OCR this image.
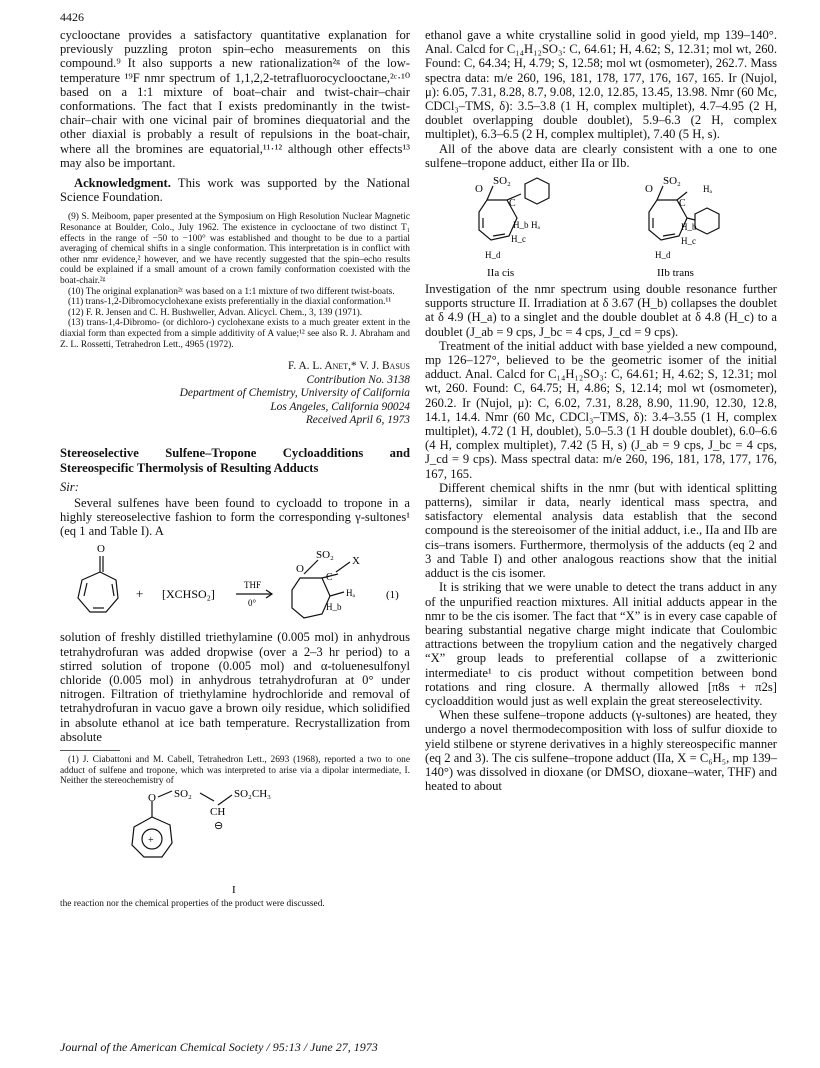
4426

cyclooctane provides a satisfactory quantitative explanation for previously puzzling proton spin–echo measurements on this compound.⁹ It also supports a new rationalization²ᵍ of the low-temperature ¹⁹F nmr spectrum of 1,1,2,2-tetrafluorocyclooctane,²ᶜ·¹⁰ based on a 1:1 mixture of boat–chair and twist-chair–chair conformations. The fact that I exists predominantly in the twist-chair–chair with one vicinal pair of bromines diequatorial and the other diaxial is probably a result of repulsions in the boat-chair, where all the bromines are equatorial,¹¹·¹² although other effects¹³ may also be important.

Acknowledgment. This work was supported by the National Science Foundation.

(9) S. Meiboom, paper presented at the Symposium on High Resolution Nuclear Magnetic Resonance at Boulder, Colo., July 1962. The existence in cyclooctane of two distinct T₁ effects in the range of −50 to −100° was established and thought to be due to a partial averaging of chemical shifts in a single conformation. This interpretation is in conflict with other nmr evidence,² however, and we have recently suggested that the spin–echo results could be explained if a small amount of a crown family conformation coexisted with the boat-chair.²ᵍ

(10) The original explanation²ᶜ was based on a 1:1 mixture of two different twist-boats.

(11) trans-1,2-Dibromocyclohexane exists preferentially in the diaxial conformation.¹¹

(12) F. R. Jensen and C. H. Bushweller, Advan. Alicycl. Chem., 3, 139 (1971).

(13) trans-1,4-Dibromo- (or dichloro-) cyclohexane exists to a much greater extent in the diaxial form than expected from a simple additivity of A value;¹² see also R. J. Abraham and Z. L. Rossetti, Tetrahedron Lett., 4965 (1972).

F. A. L. Anet,* V. J. Basus
Contribution No. 3138
Department of Chemistry, University of California
Los Angeles, California 90024
Received April 6, 1973

Stereoselective Sulfene–Tropone Cycloadditions and Stereospecific Thermolysis of Resulting Adducts

Sir:

Several sulfenes have been found to cycloadd to tropone in a highly stereoselective fashion to form the corresponding γ-sultones¹ (eq 1 and Table I). A

O
+ [XCHSO₂]
THF
0°
O
SO₂ X
C
Hₐ
H_b
(1)

solution of freshly distilled triethylamine (0.005 mol) in anhydrous tetrahydrofuran was added dropwise (over a 2–3 hr period) to a stirred solution of tropone (0.005 mol) and α-toluenesulfonyl chloride (0.005 mol) in anhydrous tetrahydrofuran at 0° under nitrogen. Filtration of triethylamine hydrochloride and removal of tetrahydrofuran in vacuo gave a brown oily residue, which solidified in absolute ethanol at ice bath temperature. Recrystallization from absolute

(1) J. Ciabattoni and M. Cabell, Tetrahedron Lett., 2693 (1968), reported a two to one adduct of sulfene and tropone, which was interpreted to arise via a dipolar intermediate, I. Neither the stereochemistry of

O SO₂
CH
SO₂CH₃
⊖
+
I

the reaction nor the chemical properties of the product were discussed.

ethanol gave a white crystalline solid in good yield, mp 139–140°. Anal. Calcd for C₁₄H₁₂SO₃: C, 64.61; H, 4.62; S, 12.31; mol wt, 260. Found: C, 64.34; H, 4.79; S, 12.58; mol wt (osmometer), 262.7. Mass spectra data: m/e 260, 196, 181, 178, 177, 176, 167, 165. Ir (Nujol, μ): 6.05, 7.31, 8.28, 8.7, 9.08, 12.0, 12.85, 13.45, 13.98. Nmr (60 Mc, CDCl₃–TMS, δ): 3.5–3.8 (1 H, complex multiplet), 4.7–4.95 (2 H, doublet overlapping double doublet), 5.9–6.3 (2 H, complex multiplet), 6.3–6.5 (2 H, complex multiplet), 7.40 (5 H, s).

All of the above data are clearly consistent with a one to one sulfene–tropone adduct, either IIa or IIb.

O
SO₂
C
H_b Hₐ
H_c
H_d
IIa cis
O
SO₂
Hₐ
C
H_b
H_c
H_d
IIb trans

Investigation of the nmr spectrum using double resonance further supports structure II. Irradiation at δ 3.67 (H_b) collapses the doublet at δ 4.9 (H_a) to a singlet and the double doublet at δ 4.8 (H_c) to a doublet (J_ab = 9 cps, J_bc = 4 cps, J_cd = 9 cps).

Treatment of the initial adduct with base yielded a new compound, mp 126–127°, believed to be the geometric isomer of the initial adduct. Anal. Calcd for C₁₄H₁₂SO₃: C, 64.61; H, 4.62; S, 12.31; mol wt, 260. Found: C, 64.75; H, 4.86; S, 12.14; mol wt (osmometer), 260.2. Ir (Nujol, μ): C, 6.02, 7.31, 8.28, 8.90, 11.90, 12.30, 12.8, 14.1, 14.4. Nmr (60 Mc, CDCl₃–TMS, δ): 3.4–3.55 (1 H, complex multiplet), 4.72 (1 H, doublet), 5.0–5.3 (1 H double doublet), 6.0–6.6 (4 H, complex multiplet), 7.42 (5 H, s) (J_ab = 9 cps, J_bc = 4 cps, J_cd = 9 cps). Mass spectral data: m/e 260, 196, 181, 178, 177, 176, 167, 165.

Different chemical shifts in the nmr (but with identical splitting patterns), similar ir data, nearly identical mass spectra, and satisfactory elemental analysis data establish that the second compound is the stereoisomer of the initial adduct, i.e., IIa and IIb are cis–trans isomers. Furthermore, thermolysis of the adducts (eq 2 and 3 and Table I) and other analogous reactions show that the initial adduct is the cis isomer.

It is striking that we were unable to detect the trans adduct in any of the unpurified reaction mixtures. All initial adducts appear in the nmr to be the cis isomer. The fact that “X” is in every case capable of bearing substantial negative charge might indicate that Coulombic attractions between the tropylium cation and the negatively charged “X” group leads to preferential collapse of a zwitterionic intermediate¹ to cis product without competition between bond rotations and ring closure. A thermally allowed [π8s + π2s] cycloaddition would just as well explain the great stereoselectivity.

When these sulfene–tropone adducts (γ-sultones) are heated, they undergo a novel thermodecomposition with loss of sulfur dioxide to yield stilbene or styrene derivatives in a highly stereospecific manner (eq 2 and 3). The cis sulfene–tropone adduct (IIa, X = C₆H₅, mp 139–140°) was dissolved in dioxane (or DMSO, dioxane–water, THF) and heated to about

Journal of the American Chemical Society / 95:13 / June 27, 1973
